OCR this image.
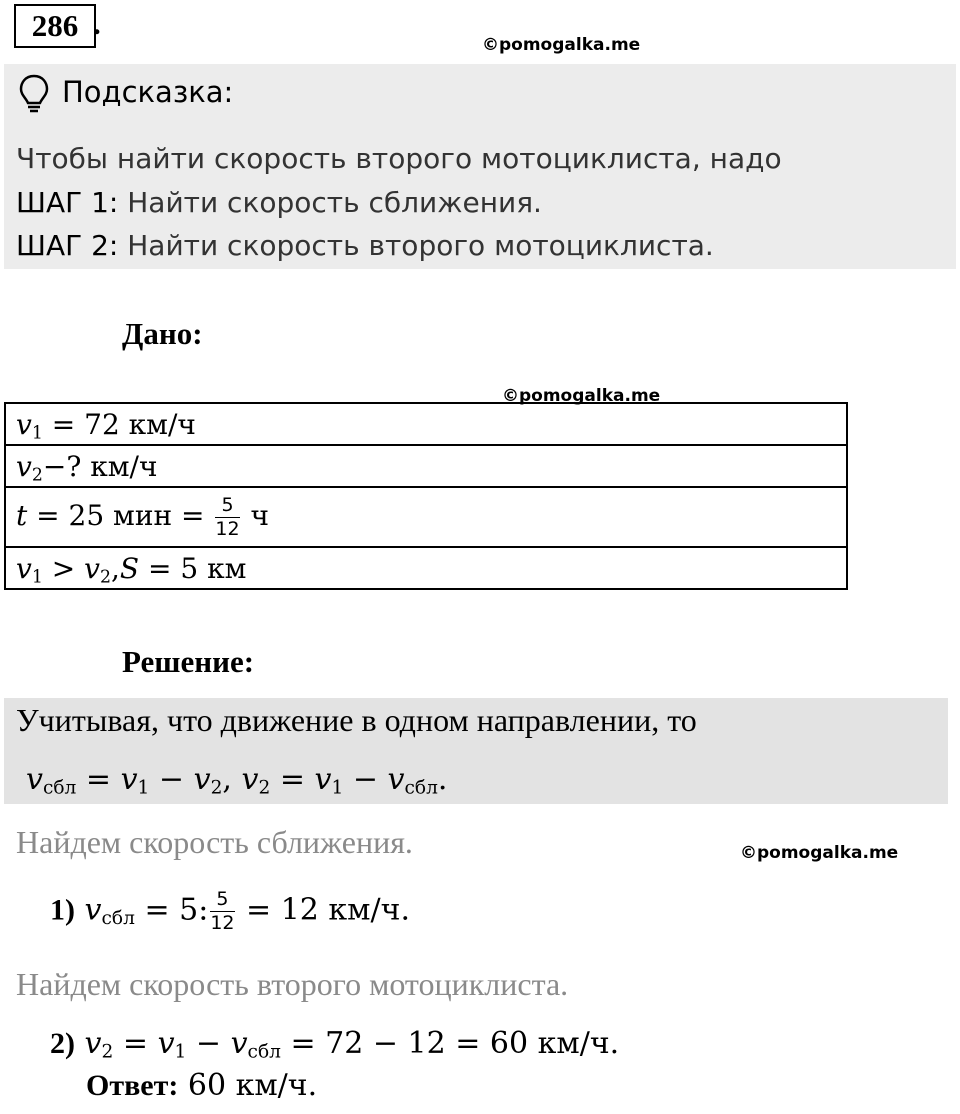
286 .
©pomogalka.me
Подсказка:
Чтобы найти скорость второго мотоциклиста, надо
ШАГ 1: Найти скорость сближения.
ШАГ 2: Найти скорость второго мотоциклиста.
Дано:
©pomogalka.me
$v_1 = 72$ км/ч
$v_2-$? км/ч
t = 25 мин = $\frac{5}{12}$ ч
$v_1 > v_2,S = 5$ км
Решение:
Учитывая, что движение в одном направлении, то
$v_{сбл} = v_1 - v_2$, $v_2 = v_1 - v_{сбл}$.
Найдем скорость сближения.	©pomogalka.me
1) $v_{сбл} = 5$: $\frac{5}{12} = 12$ км/ч.
Найдем скорость второго мотоциклиста.
2) $v_2 = v_1 - v_{сбл} = 72 - 12 = 60$ км/ч.
Ответ: 60 км/ч.
